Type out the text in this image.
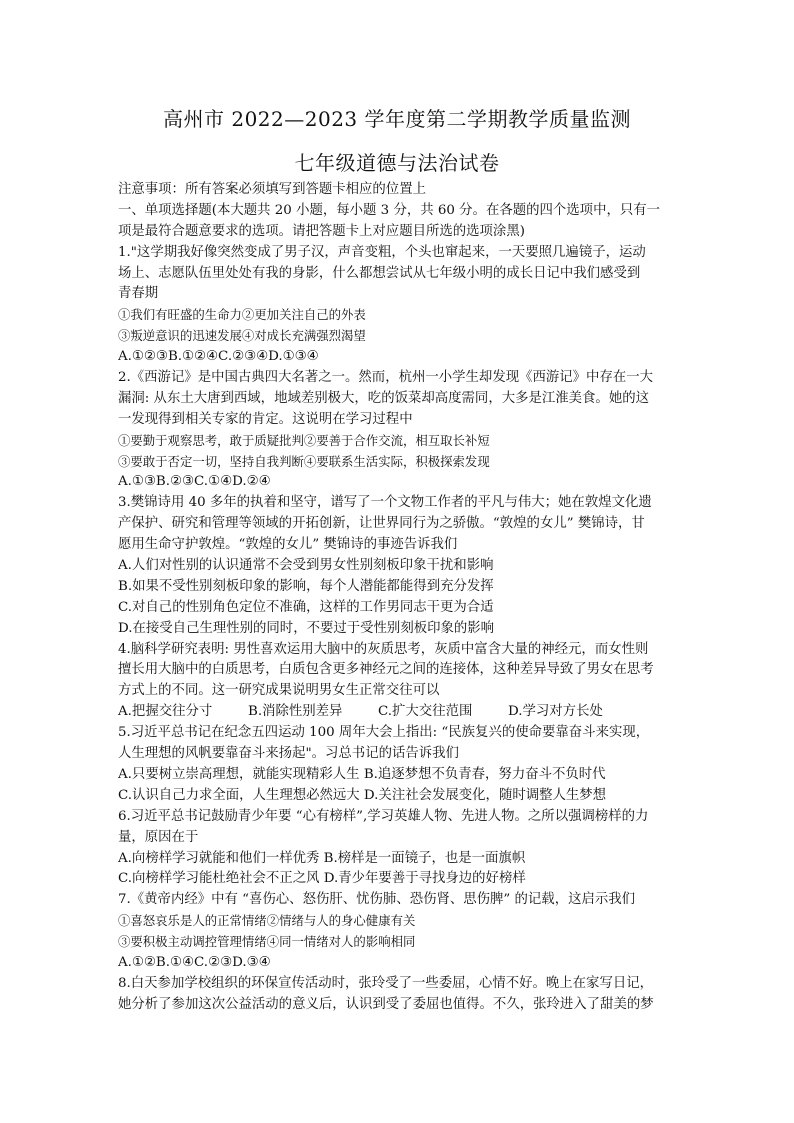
高州市 2022—2023 学年度第二学期教学质量监测
七年级道德与法治试卷
注意事项：所有答案必须填写到答题卡相应的位置上
一、单项选择题(本大题共 20 小题，每小题 3 分，共 60 分。在各题的四个选项中，只有一
项是最符合题意要求的选项。请把答题卡上对应题目所选的选项涂黑)
1."这学期我好像突然变成了男子汉，声音变粗，个头也窜起来，一天要照几遍镜子，运动
场上、志愿队伍里处处有我的身影，什么都想尝试从七年级小明的成长日记中我们感受到
青春期
①我们有旺盛的生命力②更加关注自己的外表
③叛逆意识的迅速发展④对成长充满强烈渴望
A.①②③B.①②④C.②③④D.①③④
2.《西游记》是中国古典四大名著之一。然而，杭州一小学生却发现《西游记》中存在一大
漏洞: 从东土大唐到西域，地域差别极大，吃的饭菜却高度需同，大多是江淮美食。她的这
一发现得到相关专家的肯定。这说明在学习过程中
①要勤于观察思考，敢于质疑批判②要善于合作交流，相互取长补短
③要敢于否定一切，坚持自我判断④要联系生活实际，积极探索发现
A.①③B.②③C.①④D.②④
3.樊锦诗用 40 多年的执着和坚守，谱写了一个文物工作者的平凡与伟大；她在敦煌文化遗
产保护、研究和管理等领域的开拓创新，让世界同行为之骄傲。“敦煌的女儿” 樊锦诗，甘
愿用生命守护敦煌。“敦煌的女儿” 樊锦诗的事迹告诉我们
A.人们对性别的认识通常不会受到男女性别刻板印象干扰和影响
B.如果不受性别刻板印象的影响，每个人潜能都能得到充分发挥
C.对自己的性别角色定位不准确，这样的工作男同志干更为合适
D.在接受自己生理性别的同时，不要过于受性别刻板印象的影响
4.脑科学研究表明: 男性喜欢运用大脑中的灰质思考，灰质中富含大量的神经元，而女性则
擅长用大脑中的白质思考，白质包含更多神经元之间的连接体，这种差异导致了男女在思考
方式上的不同。这一研究成果说明男女生正常交往可以
A.把握交往分寸	B.消除性别差异	C.扩大交往范围	D.学习对方长处
5.习近平总书记在纪念五四运动 100 周年大会上指出: “民族复兴的使命要靠奋斗来实现，
人生理想的风帆要靠奋斗来扬起"。习总书记的话告诉我们
A.只要树立崇高理想，就能实现精彩人生 B.追逐梦想不负青春，努力奋斗不负时代
C.认识自己力求全面，人生理想必然远大 D.关注社会发展变化，随时调整人生梦想
6.习近平总书记鼓励青少年要 “心有榜样”,学习英雄人物、先进人物。之所以强调榜样的力
量，原因在于
A.向榜样学习就能和他们一样优秀 B.榜样是一面镜子，也是一面旗帜
C.向榜样学习能杜绝社会不正之风 D.青少年要善于寻找身边的好榜样
7.《黄帝内经》中有 “喜伤心、怒伤肝、忧伤肺、恐伤肾、思伤脾” 的记载，这启示我们
①喜怒哀乐是人的正常情绪②情绪与人的身心健康有关
③要积极主动调控管理情绪④同一情绪对人的影响相同
A.①②B.①④C.②③D.③④
8.白天参加学校组织的环保宣传活动时，张玲受了一些委屈，心情不好。晚上在家写日记，
她分析了参加这次公益活动的意义后，认识到受了委屈也值得。不久，张玲进入了甜美的梦
